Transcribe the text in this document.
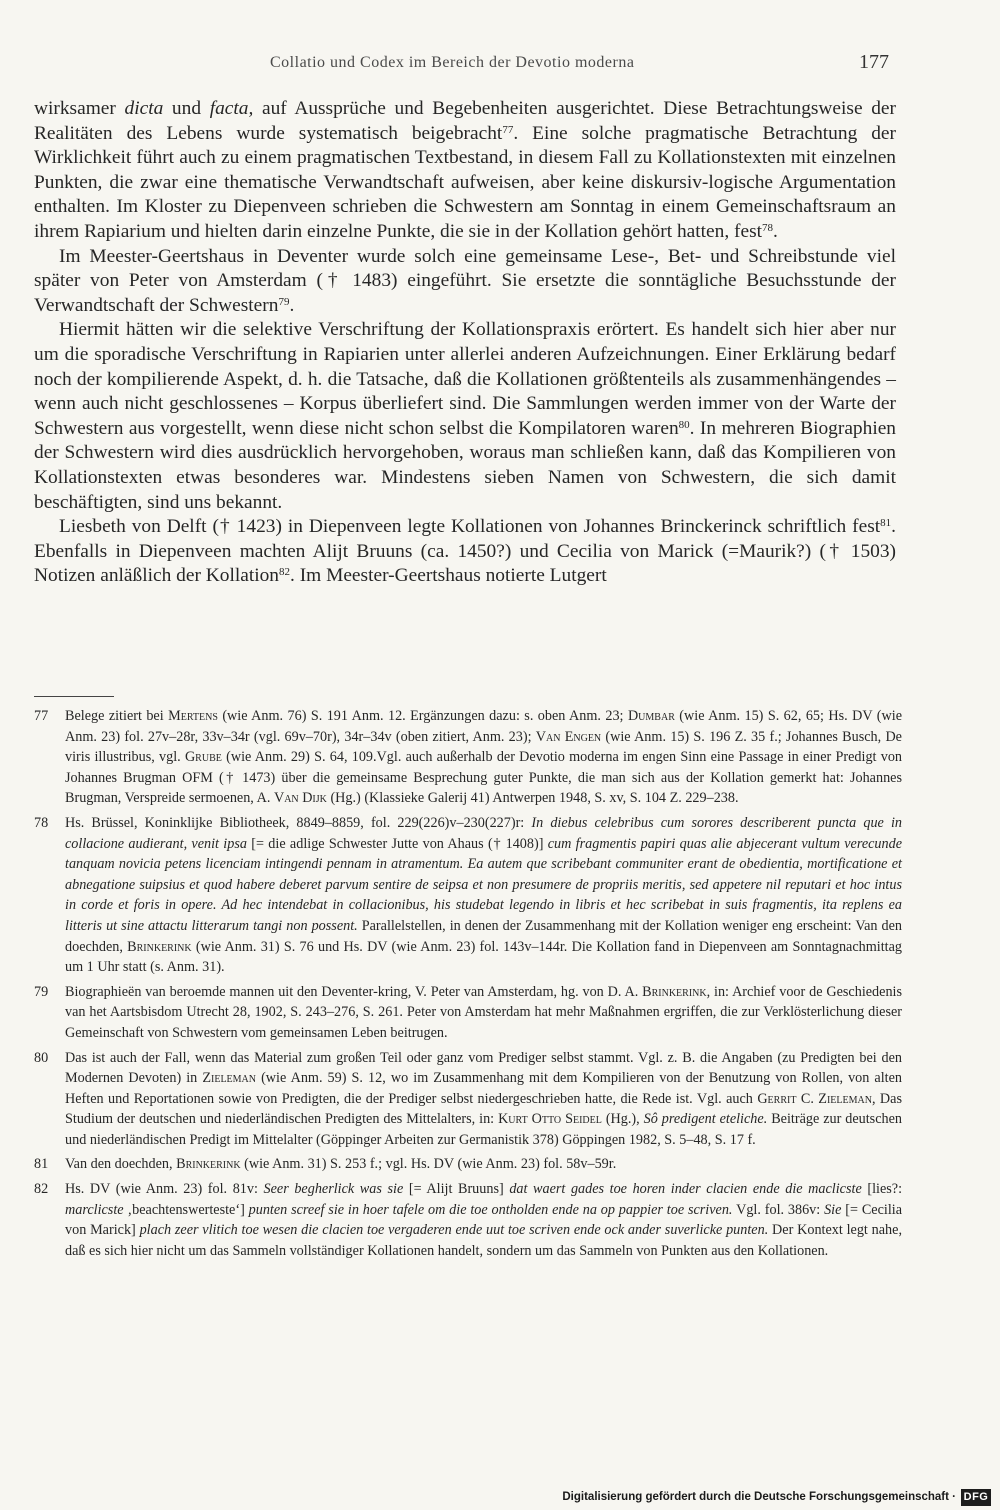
Collatio und Codex im Bereich der Devotio moderna	177

wirksamer dicta und facta, auf Aussprüche und Begebenheiten ausgerichtet. Diese Betrachtungsweise der Realitäten des Lebens wurde systematisch beigebracht$^{77}$. Eine solche pragmatische Betrachtung der Wirklichkeit führt auch zu einem pragmatischen Textbestand, in diesem Fall zu Kollationstexten mit einzelnen Punkten, die zwar eine thematische Verwandtschaft aufweisen, aber keine diskursiv-logische Argumentation enthalten. Im Kloster zu Diepenveen schrieben die Schwestern am Sonntag in einem Gemeinschaftsraum an ihrem Rapiarium und hielten darin einzelne Punkte, die sie in der Kollation gehört hatten, fest$^{78}$.

Im Meester-Geertshaus in Deventer wurde solch eine gemeinsame Lese-, Bet- und Schreibstunde viel später von Peter von Amsterdam († 1483) eingeführt. Sie ersetzte die sonntägliche Besuchsstunde der Verwandtschaft der Schwestern$^{79}$.

Hiermit hätten wir die selektive Verschriftung der Kollationspraxis erörtert. Es handelt sich hier aber nur um die sporadische Verschriftung in Rapiarien unter allerlei anderen Aufzeichnungen. Einer Erklärung bedarf noch der kompilierende Aspekt, d. h. die Tatsache, daß die Kollationen größtenteils als zusammenhängendes – wenn auch nicht geschlossenes – Korpus überliefert sind. Die Sammlungen werden immer von der Warte der Schwestern aus vorgestellt, wenn diese nicht schon selbst die Kompilatoren waren$^{80}$. In mehreren Biographien der Schwestern wird dies ausdrücklich hervorgehoben, woraus man schließen kann, daß das Kompilieren von Kollationstexten etwas besonderes war. Mindestens sieben Namen von Schwestern, die sich damit beschäftigten, sind uns bekannt.

Liesbeth von Delft († 1423) in Diepenveen legte Kollationen von Johannes Brinckerinck schriftlich fest$^{81}$. Ebenfalls in Diepenveen machten Alijt Bruuns (ca. 1450?) und Cecilia von Marick (=Maurik?) († 1503) Notizen anläßlich der Kollation$^{82}$. Im Meester-Geertshaus notierte Lutgert

77 Belege zitiert bei Mertens (wie Anm. 76) S. 191 Anm. 12. Ergänzungen dazu: s. oben Anm. 23; Dumbar (wie Anm. 15) S. 62, 65; Hs. DV (wie Anm. 23) fol. 27v–28r, 33v–34r (vgl. 69v–70r), 34r–34v (oben zitiert, Anm. 23); Van Engen (wie Anm. 15) S. 196 Z. 35 f.; Johannes Busch, De viris illustribus, vgl. Grube (wie Anm. 29) S. 64, 109.Vgl. auch außerhalb der Devotio moderna im engen Sinn eine Passage in einer Predigt von Johannes Brugman OFM († 1473) über die gemeinsame Besprechung guter Punkte, die man sich aus der Kollation gemerkt hat: Johannes Brugman, Verspreide sermoenen, A. Van Dijk (Hg.) (Klassieke Galerij 41) Antwerpen 1948, S. xv, S. 104 Z. 229–238.
78 Hs. Brüssel, Koninklijke Bibliotheek, 8849–8859, fol. 229(226)v–230(227)r: In diebus celebribus cum sorores describerent puncta que in collacione audierant, venit ipsa [= die adlige Schwester Jutte von Ahaus († 1408)] cum fragmentis papiri quas alie abjecerant vultum verecunde tanquam novicia petens licenciam intingendi pennam in atramentum. Ea autem que scribebant communiter erant de obedientia, mortificatione et abnegatione suipsius et quod habere deberet parvum sentire de seipsa et non presumere de propriis meritis, sed appetere nil reputari et hoc intus in corde et foris in opere. Ad hec intendebat in collacionibus, his studebat legendo in libris et hec scribebat in suis fragmentis, ita replens ea litteris ut sine attactu litterarum tangi non possent. Parallelstellen, in denen der Zusammenhang mit der Kollation weniger eng erscheint: Van den doechden, Brinkerink (wie Anm. 31) S. 76 und Hs. DV (wie Anm. 23) fol. 143v–144r. Die Kollation fand in Diepenveen am Sonntagnachmittag um 1 Uhr statt (s. Anm. 31).
79 Biographieën van beroemde mannen uit den Deventer-kring, V. Peter van Amsterdam, hg. von D. A. Brinkerink, in: Archief voor de Geschiedenis van het Aartsbisdom Utrecht 28, 1902, S. 243–276, S. 261. Peter von Amsterdam hat mehr Maßnahmen ergriffen, die zur Verklösterlichung dieser Gemeinschaft von Schwestern vom gemeinsamen Leben beitrugen.
80 Das ist auch der Fall, wenn das Material zum großen Teil oder ganz vom Prediger selbst stammt. Vgl. z. B. die Angaben (zu Predigten bei den Modernen Devoten) in Zieleman (wie Anm. 59) S. 12, wo im Zusammenhang mit dem Kompilieren von der Benutzung von Rollen, von alten Heften und Reportationen sowie von Predigten, die der Prediger selbst niedergeschrieben hatte, die Rede ist. Vgl. auch Gerrit C. Zieleman, Das Studium der deutschen und niederländischen Predigten des Mittelalters, in: Kurt Otto Seidel (Hg.), Sô predigent eteliche. Beiträge zur deutschen und niederländischen Predigt im Mittelalter (Göppinger Arbeiten zur Germanistik 378) Göppingen 1982, S. 5–48, S. 17 f.
81 Van den doechden, Brinkerink (wie Anm. 31) S. 253 f.; vgl. Hs. DV (wie Anm. 23) fol. 58v–59r.
82 Hs. DV (wie Anm. 23) fol. 81v: Seer begherlick was sie [= Alijt Bruuns] dat waert gades toe horen inder clacien ende die maclicste [lies?: marclicste ‚beachtenswerteste‘] punten screef sie in hoer tafele om die toe ontholden ende na op pappier toe scriven. Vgl. fol. 386v: Sie [= Cecilia von Marick] plach zeer vlitich toe wesen die clacien toe vergaderen ende uut toe scriven ende ock ander suverlicke punten. Der Kontext legt nahe, daß es sich hier nicht um das Sammeln vollständiger Kollationen handelt, sondern um das Sammeln von Punkten aus den Kollationen.
Digitalisierung gefördert durch die Deutsche Forschungsgemeinschaft · DFG
